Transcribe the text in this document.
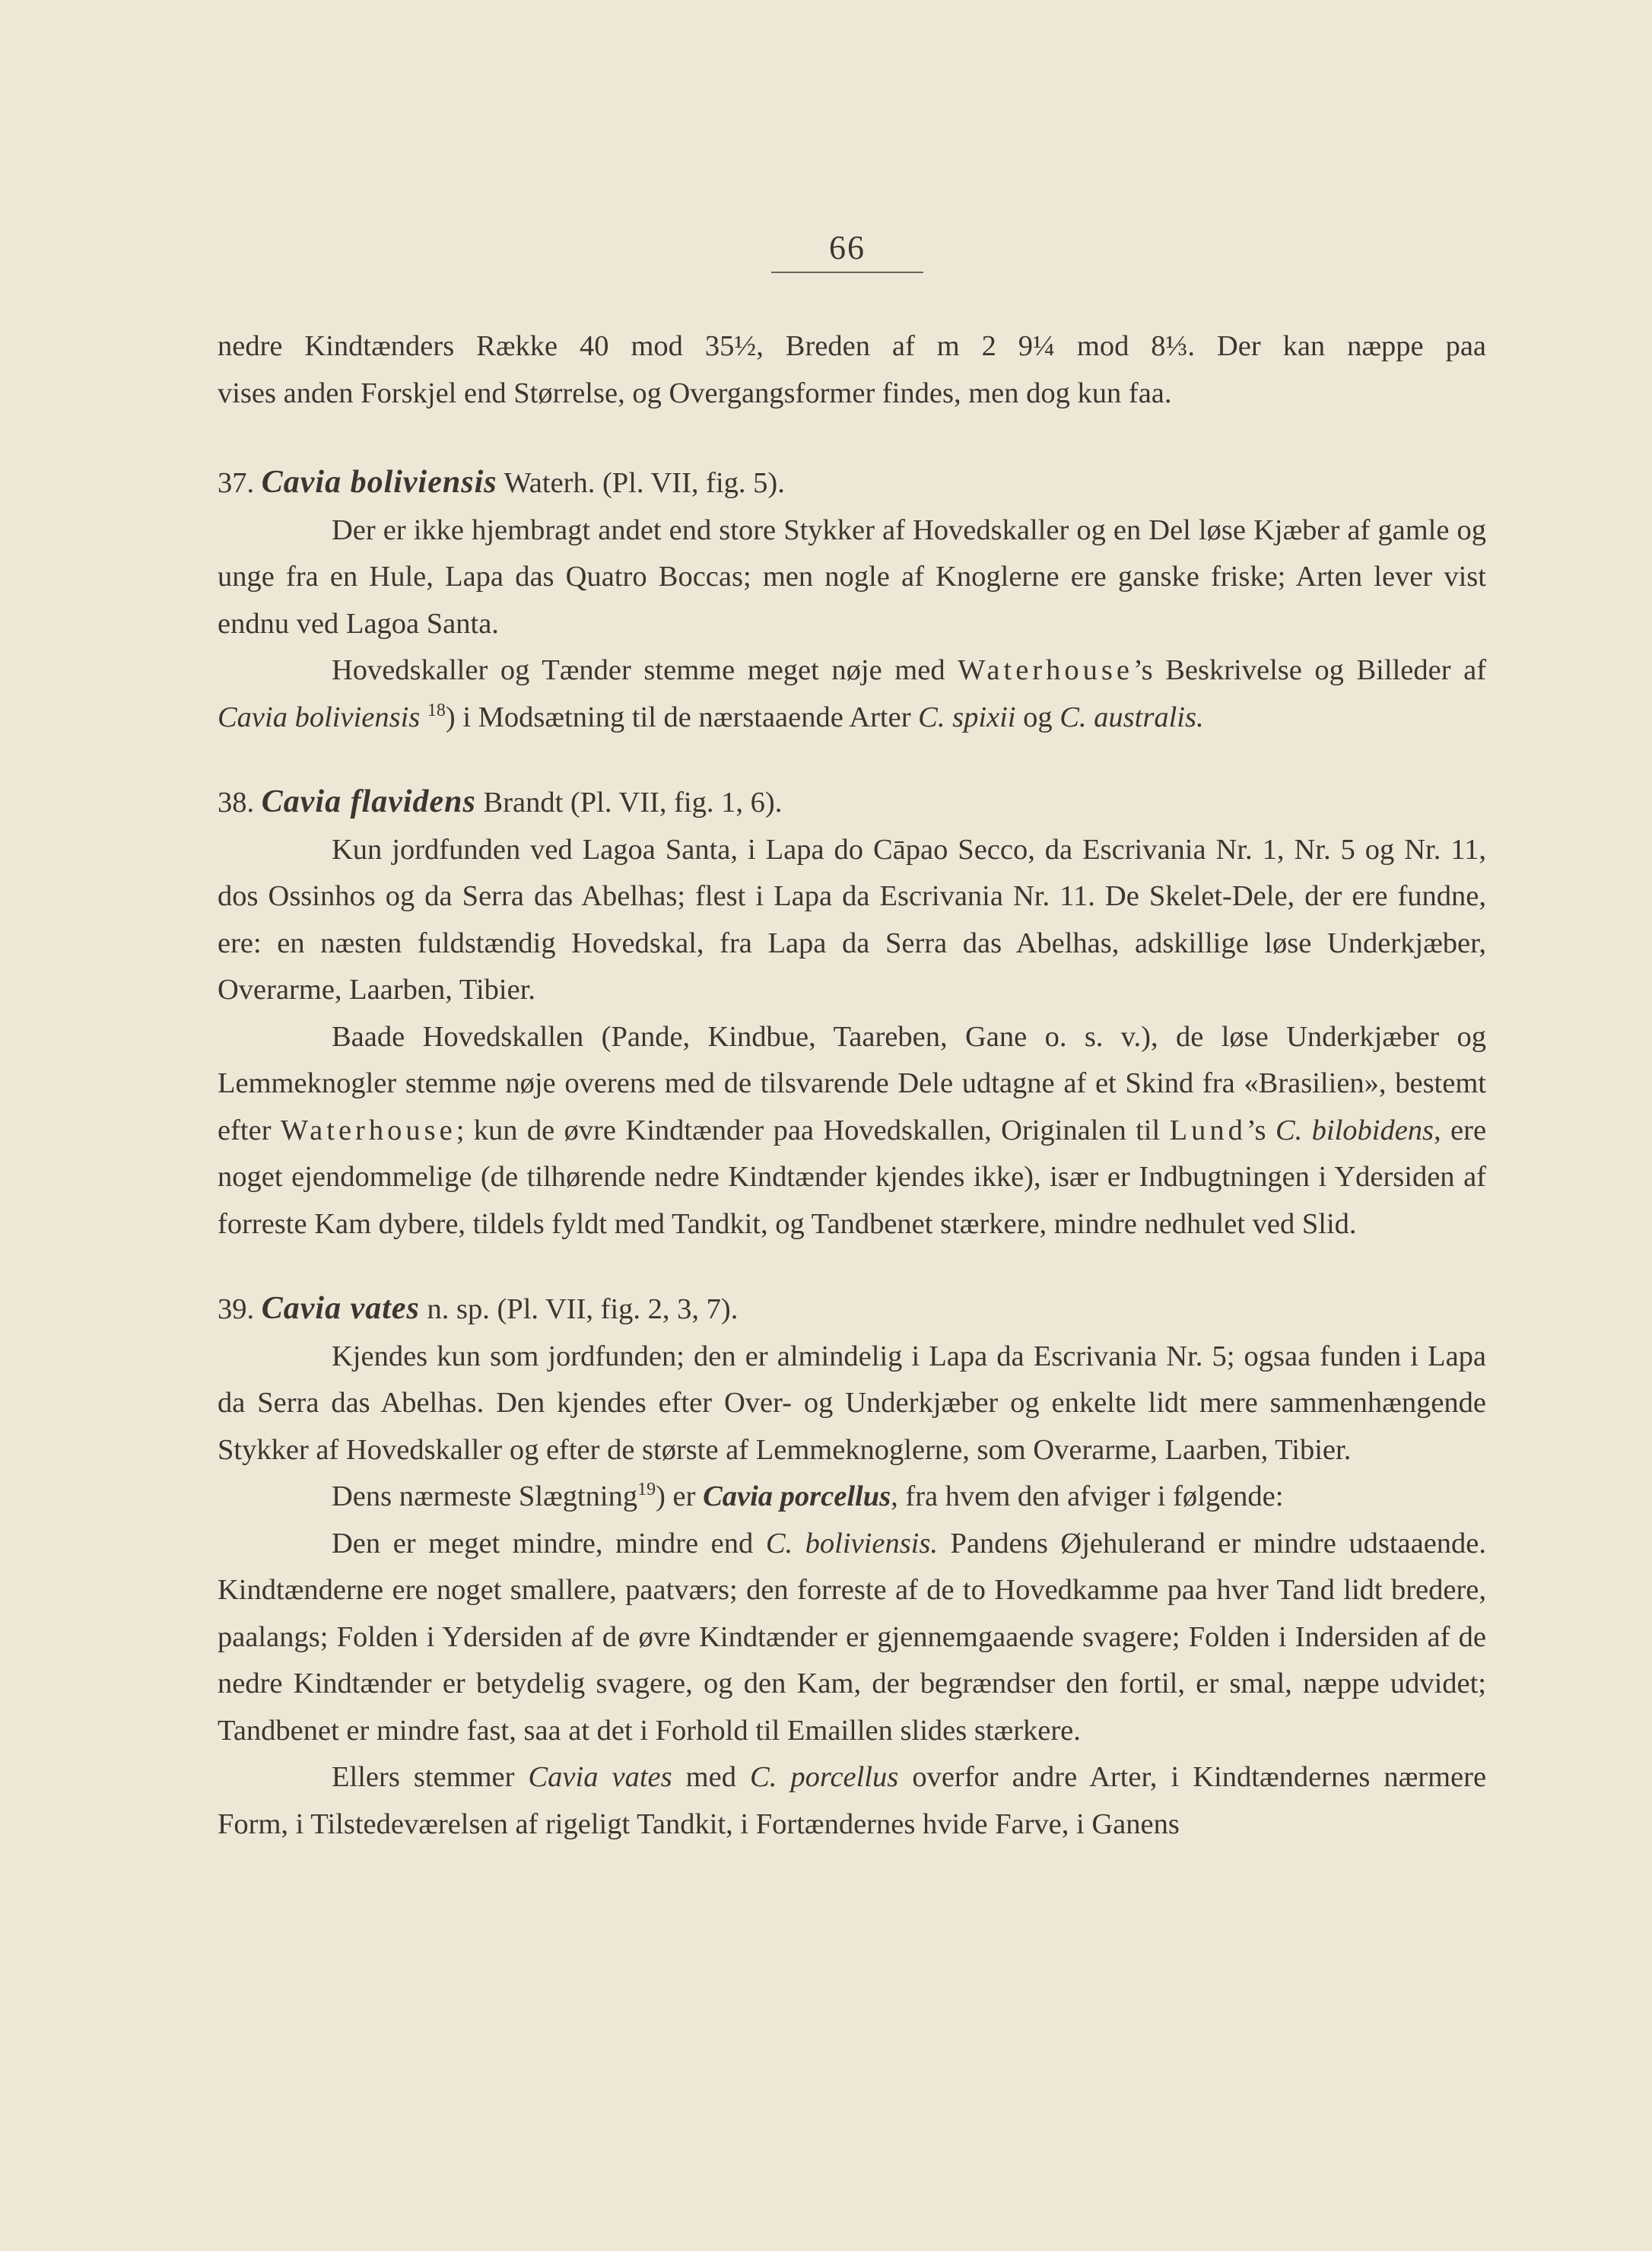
66

nedre Kindtænders Række 40 mod 35½, Breden af m 2 9¼ mod 8⅓. Der kan næppe paa

vises anden Forskjel end Størrelse, og Overgangsformer findes, men dog kun faa.

37. Cavia boliviensis Waterh. (Pl. VII, fig. 5).

Der er ikke hjembragt andet end store Stykker af Hovedskaller og en Del løse Kjæber af gamle og unge fra en Hule, Lapa das Quatro Boccas; men nogle af Knoglerne ere ganske friske; Arten lever vist endnu ved Lagoa Santa.

Hovedskaller og Tænder stemme meget nøje med Waterhouse’s Beskrivelse og Billeder af Cavia boliviensis $^{18}$) i Modsætning til de nærstaaende Arter C. spixii og C. australis.

38. Cavia flavidens Brandt (Pl. VII, fig. 1, 6).

Kun jordfunden ved Lagoa Santa, i Lapa do Cāpao Secco, da Escrivania Nr. 1, Nr. 5 og Nr. 11, dos Ossinhos og da Serra das Abelhas; flest i Lapa da Escrivania Nr. 11. De Skelet-Dele, der ere fundne, ere: en næsten fuldstændig Hovedskal, fra Lapa da Serra das Abelhas, adskillige løse Underkjæber, Overarme, Laarben, Tibier.

Baade Hovedskallen (Pande, Kindbue, Taareben, Gane o. s. v.), de løse Underkjæber og Lemmeknogler stemme nøje overens med de tilsvarende Dele udtagne af et Skind fra «Brasilien», bestemt efter Waterhouse; kun de øvre Kindtænder paa Hovedskallen, Originalen til Lund’s C. bilobidens, ere noget ejendommelige (de tilhørende nedre Kindtænder kjendes ikke), især er Indbugtningen i Ydersiden af forreste Kam dybere, tildels fyldt med Tandkit, og Tandbenet stærkere, mindre nedhulet ved Slid.

39. Cavia vates n. sp. (Pl. VII, fig. 2, 3, 7).

Kjendes kun som jordfunden; den er almindelig i Lapa da Escrivania Nr. 5; ogsaa funden i Lapa da Serra das Abelhas. Den kjendes efter Over- og Underkjæber og enkelte lidt mere sammenhængende Stykker af Hovedskaller og efter de største af Lemmeknoglerne, som Overarme, Laarben, Tibier.

Dens nærmeste Slægtning$^{19}$) er Cavia porcellus, fra hvem den afviger i følgende:

Den er meget mindre, mindre end C. boliviensis. Pandens Øjehulerand er mindre udstaaende. Kindtænderne ere noget smallere, paatværs; den forreste af de to Hovedkamme paa hver Tand lidt bredere, paalangs; Folden i Ydersiden af de øvre Kindtænder er gjennemgaaende svagere; Folden i Indersiden af de nedre Kindtænder er betydelig svagere, og den Kam, der begrændser den fortil, er smal, næppe udvidet; Tandbenet er mindre fast, saa at det i Forhold til Emaillen slides stærkere.

Ellers stemmer Cavia vates med C. porcellus overfor andre Arter, i Kindtændernes nærmere Form, i Tilstedeværelsen af rigeligt Tandkit, i Fortændernes hvide Farve, i Ganens
